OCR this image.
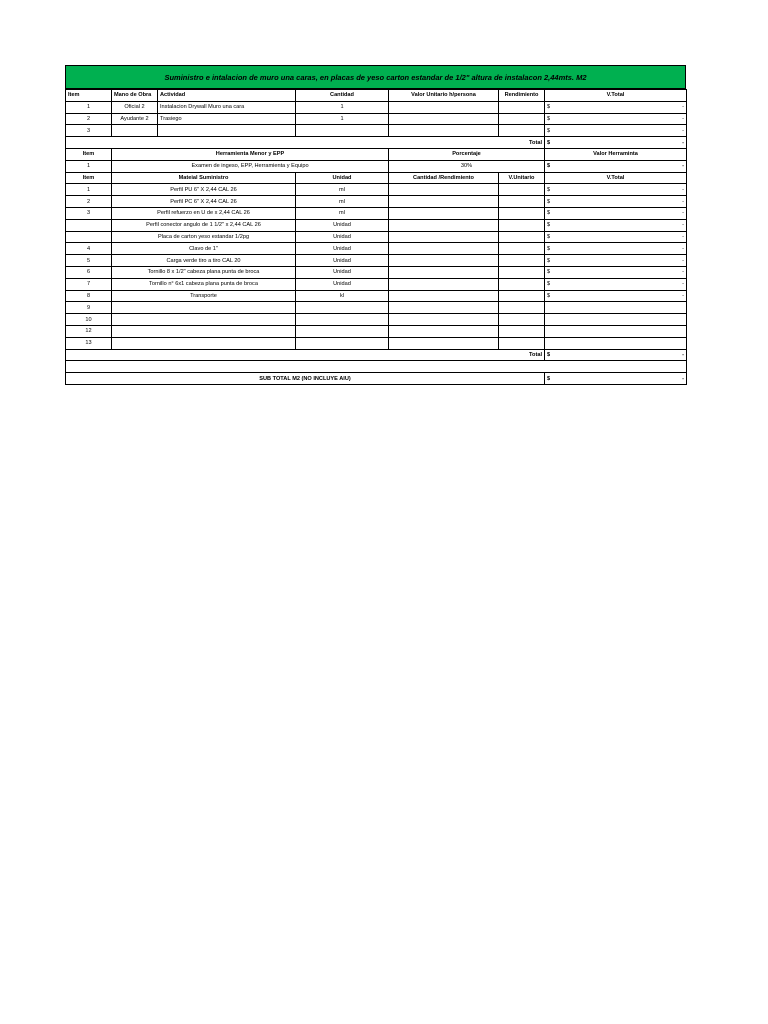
Suministro e intalacion de muro una caras, en placas de yeso carton estandar de 1/2" altura de instalacon 2,44mts. M2
Item	Mano de Obra	Actividad	Cantidad	Valor Unitario h/persona	Rendimiento	V.Total
1	Oficial 2	Instalacion Drywall Muro una cara	1			$ -

2	Ayudante 2	Trasiego	1			$ -

3						$ -

Total						$ -

Item	Herramienta Menor y EPP			Porcentaje		Valor Herraminta
1	Examen de ingeso, EPP, Herramienta y Equipo			30%		$ -
Item	Mateial Suministro	Unidad	Cantidad /Rendimiento	V.Unitario	V.Total
1	Perfil PU 6" X 2,44 CAL 26	ml			$ -

2	Perfil PC 6" X 2,44 CAL 26	ml			$ -

3	Perfil refuerzo en U de x 2,44 CAL 26	ml			$ -

	Perfil conector angulo de 1 1/2" x 2,44 CAL 26	Unidad			$ -

	Placa de carton yeso estandar 1/2pg	Unidad			$ -

4	Clavo de 1"	Unidad			$ -

5	Carga verde tiro a tiro CAL 20	Unidad			$ -

6	Tornillo 8 x 1/2" cabeza plana punta de broca	Unidad			$ -

7	Tornillo n° 6x1 cabeza plana punta de broca	Unidad			$ -

8	Transporte	kl			$ -

9					
10					
12					
13					
Total					$ -

SUB TOTAL M2 (NO INCLUYE AIU)					$ -
